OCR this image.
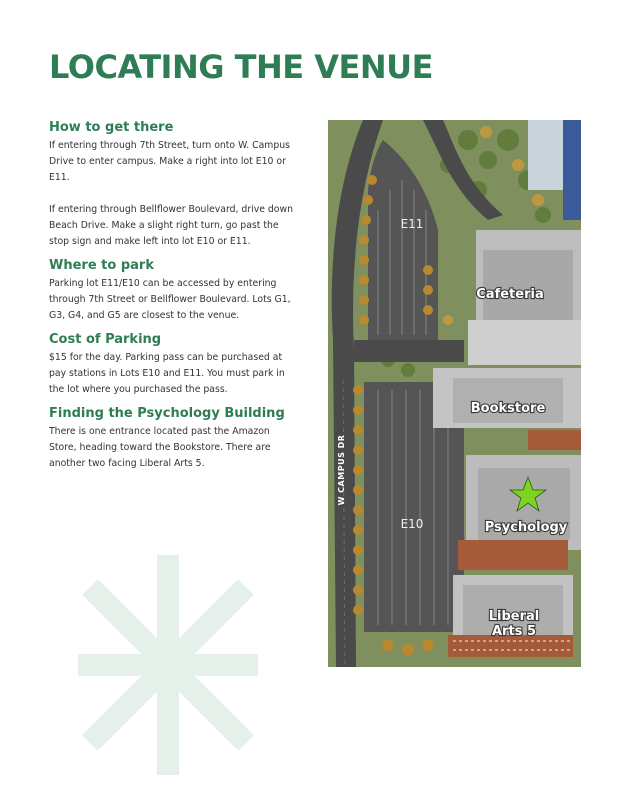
LOCATING THE VENUE
How to get there

If entering through 7th Street, turn onto W. Campus Drive to enter campus. Make a right into lot E10 or E11.

If entering through Bellflower Boulevard, drive down Beach Drive. Make a slight right turn, go past the stop sign and make left into lot E10 or E11.

Where to park

Parking lot E11/E10 can be accessed by entering through 7th Street or Bellflower Boulevard. Lots G1, G3, G4, and G5 are closest to the venue.

Cost of Parking

$15 for the day. Parking pass can be purchased at pay stations in Lots E10 and E11. You must park in the lot where you purchased the pass.

Finding the Psychology Building

There is one entrance located past the Amazon Store, heading toward the Bookstore. There are another two facing Liberal Arts 5.	W CAMPUS DR
E11
E10
Cafeteria
Bookstore
Psychology
Liberal
Arts 5
